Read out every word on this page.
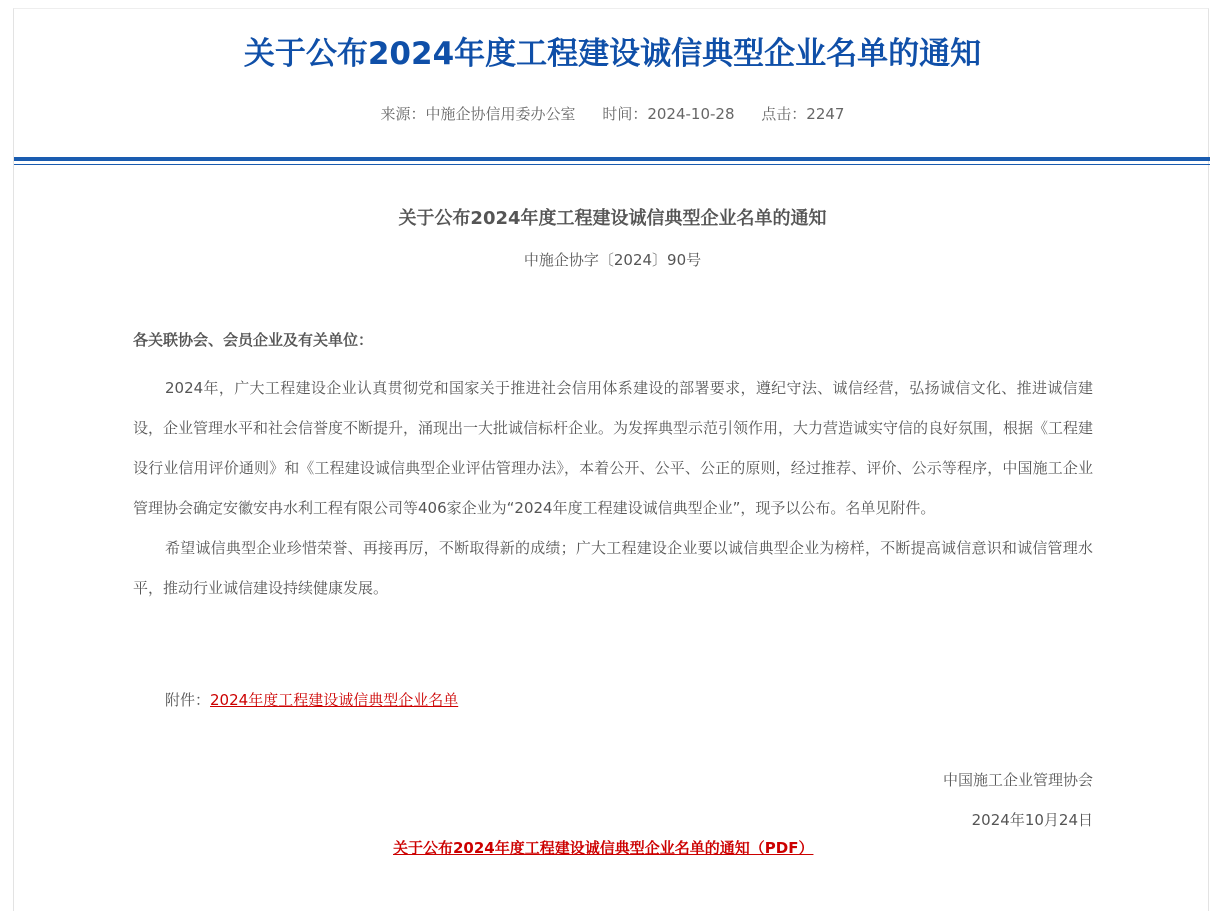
关于公布2024年度工程建设诚信典型企业名单的通知
来源：中施企协信用委办公室 时间：2024-10-28 点击：2247
关于公布2024年度工程建设诚信典型企业名单的通知
中施企协字〔2024〕90号

各关联协会、会员企业及有关单位：

2024年，广大工程建设企业认真贯彻党和国家关于推进社会信用体系建设的部署要求，遵纪守法、诚信经营，弘扬诚信文化、推进诚信建设，企业管理水平和社会信誉度不断提升，涌现出一大批诚信标杆企业。为发挥典型示范引领作用，大力营造诚实守信的良好氛围，根据《工程建设行业信用评价通则》和《工程建设诚信典型企业评估管理办法》，本着公开、公平、公正的原则，经过推荐、评价、公示等程序，中国施工企业管理协会确定安徽安冉水利工程有限公司等406家企业为“2024年度工程建设诚信典型企业”，现予以公布。名单见附件。

希望诚信典型企业珍惜荣誉、再接再厉，不断取得新的成绩；广大工程建设企业要以诚信典型企业为榜样，不断提高诚信意识和诚信管理水平，推动行业诚信建设持续健康发展。

附件：2024年度工程建设诚信典型企业名单
中国施工企业管理协会
2024年10月24日
关于公布2024年度工程建设诚信典型企业名单的通知（PDF）
